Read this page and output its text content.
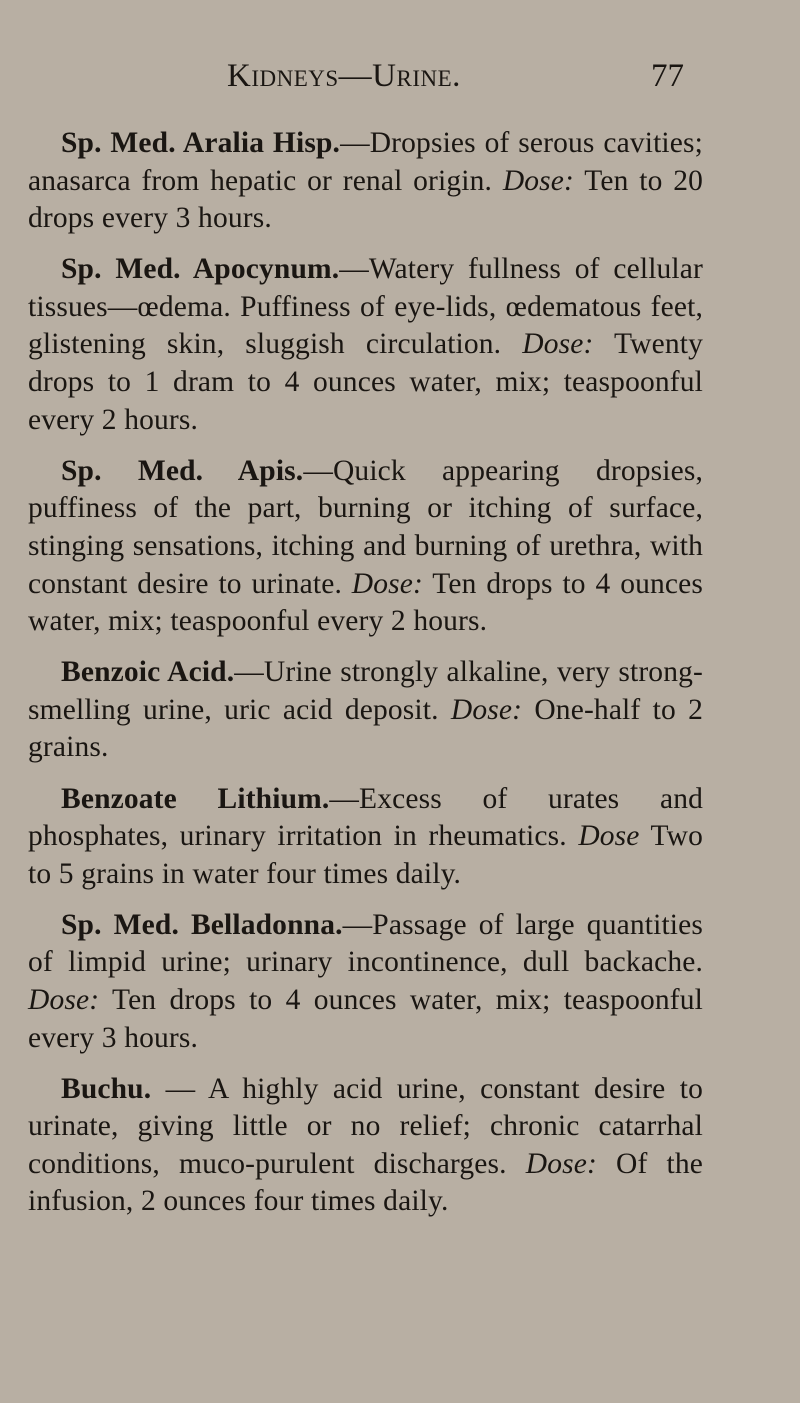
Kidneys—Urine.	77

Sp. Med. Aralia Hisp.—Dropsies of serous cavities; anasarca from hepatic or renal origin. Dose: Ten to 20 drops every 3 hours.

Sp. Med. Apocynum.—Watery fullness of cellular tissues—œdema. Puffiness of eye-lids, œdematous feet, glistening skin, sluggish circulation. Dose: Twenty drops to 1 dram to 4 ounces water, mix; teaspoonful every 2 hours.

Sp. Med. Apis.—Quick appearing dropsies, puffiness of the part, burning or itching of surface, stinging sensations, itching and burning of urethra, with constant desire to urinate. Dose: Ten drops to 4 ounces water, mix; teaspoonful every 2 hours.

Benzoic Acid.—Urine strongly alkaline, very strong-smelling urine, uric acid deposit. Dose: One-half to 2 grains.

Benzoate Lithium.—Excess of urates and phosphates, urinary irritation in rheumatics. Dose Two to 5 grains in water four times daily.

Sp. Med. Belladonna.—Passage of large quantities of limpid urine; urinary incontinence, dull backache. Dose: Ten drops to 4 ounces water, mix; teaspoonful every 3 hours.

Buchu. — A highly acid urine, constant desire to urinate, giving little or no relief; chronic catarrhal conditions, muco-purulent discharges. Dose: Of the infusion, 2 ounces four times daily.
